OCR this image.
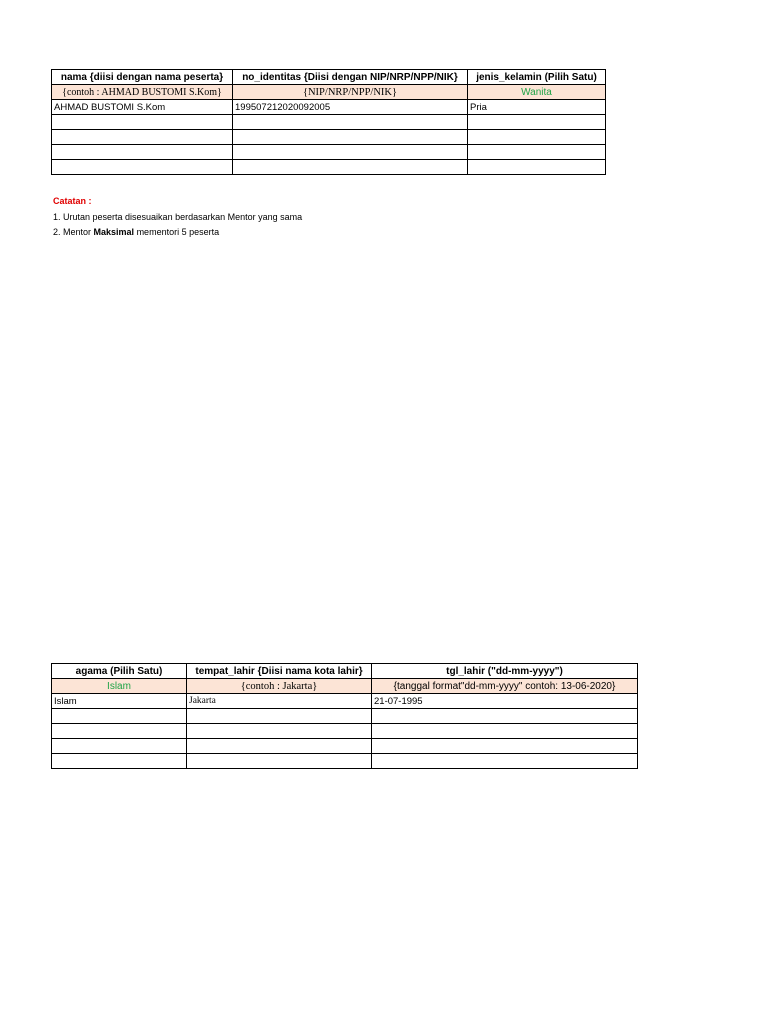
nama {diisi dengan nama peserta}	no_identitas {Diisi dengan NIP/NRP/NPP/NIK}	jenis_kelamin (Pilih Satu)
{contoh : AHMAD BUSTOMI S.Kom}	{NIP/NRP/NPP/NIK}	Wanita
AHMAD BUSTOMI S.Kom	199507212020092005	Pria

Catatan :
1. Urutan peserta disesuaikan berdasarkan Mentor yang sama
2. Mentor Maksimal mementori 5 peserta
agama (Pilih Satu)	tempat_lahir {Diisi nama kota lahir}	tgl_lahir ("dd-mm-yyyy")
Islam	{contoh : Jakarta}	{tanggal format"dd-mm-yyyy" contoh: 13-06-2020}
Islam	Jakarta	21-07-1995
